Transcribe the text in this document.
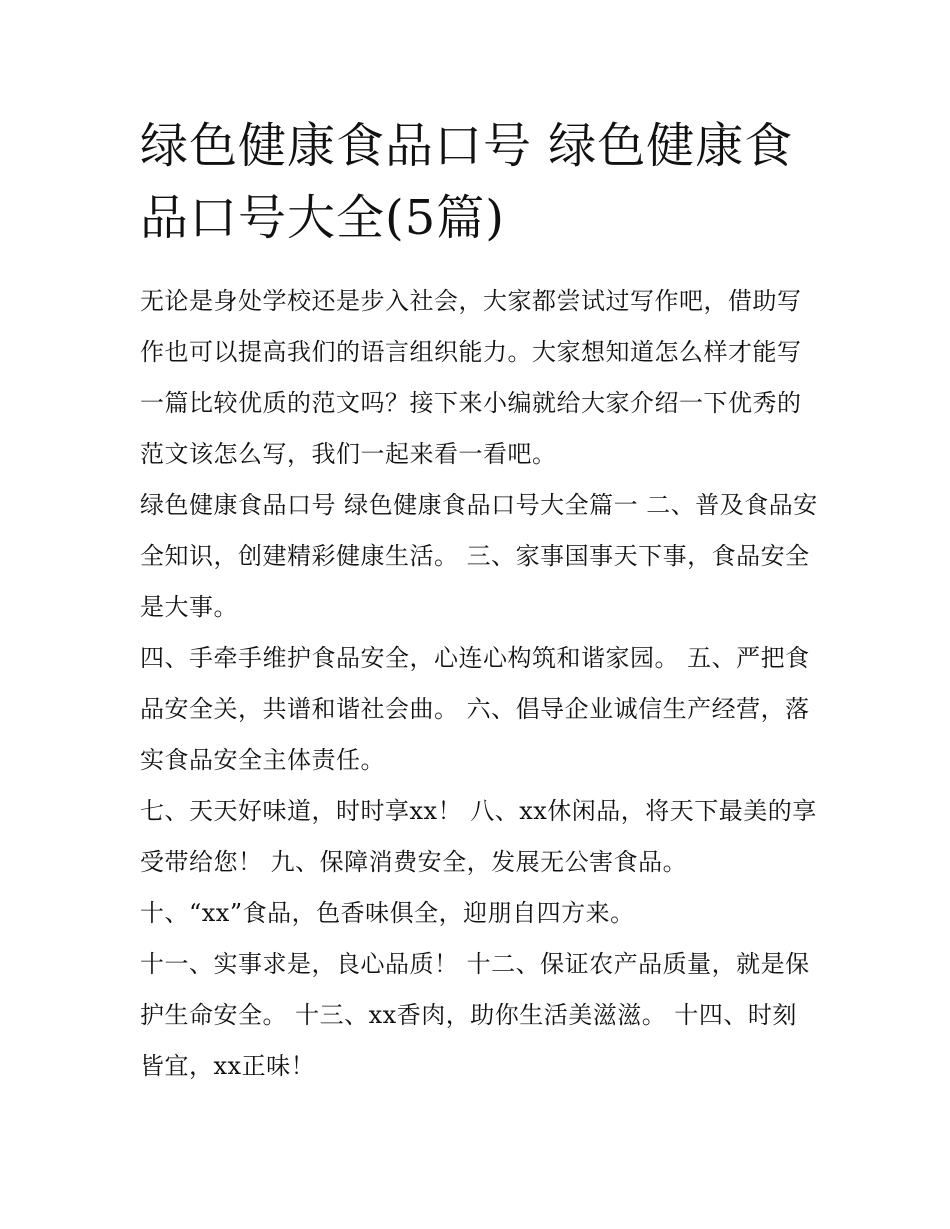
绿色健康食品口号 绿色健康食品口号大全(5篇)

无论是身处学校还是步入社会，大家都尝试过写作吧，借助写作也可以提高我们的语言组织能力。大家想知道怎么样才能写一篇比较优质的范文吗？接下来小编就给大家介绍一下优秀的范文该怎么写，我们一起来看一看吧。

绿色健康食品口号 绿色健康食品口号大全篇一 二、普及食品安全知识，创建精彩健康生活。 三、家事国事天下事，食品安全是大事。

四、手牵手维护食品安全，心连心构筑和谐家园。 五、严把食品安全关，共谱和谐社会曲。 六、倡导企业诚信生产经营，落实食品安全主体责任。

七、天天好味道，时时享xx！ 八、xx休闲品，将天下最美的享受带给您！ 九、保障消费安全，发展无公害食品。

十、“xx”食品，色香味俱全，迎朋自四方来。

十一、实事求是，良心品质！ 十二、保证农产品质量，就是保护生命安全。 十三、xx香肉，助你生活美滋滋。 十四、时刻皆宜，xx正味！
